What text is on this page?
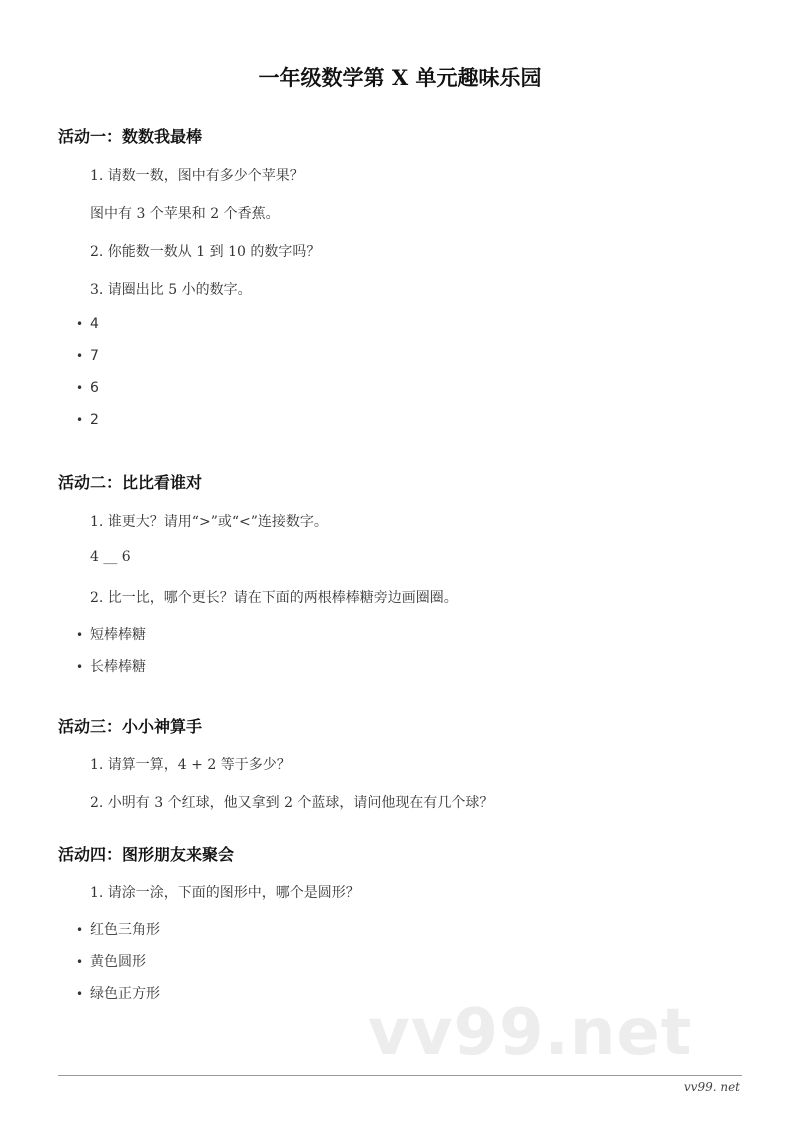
一年级数学第 X 单元趣味乐园
活动一：数数我最棒
1. 请数一数，图中有多少个苹果？
图中有 3 个苹果和 2 个香蕉。
2. 你能数一数从 1 到 10 的数字吗？
3. 请圈出比 5 小的数字。
• 4
• 7
• 6
• 2
活动二：比比看谁对
1. 谁更大？请用“>”或“<”连接数字。
4 __ 6
2. 比一比，哪个更长？请在下面的两根棒棒糖旁边画圈圈。
• 短棒棒糖
• 长棒棒糖
活动三：小小神算手
1. 请算一算，4 + 2 等于多少？
2. 小明有 3 个红球，他又拿到 2 个蓝球，请问他现在有几个球？
活动四：图形朋友来聚会
1. 请涂一涂，下面的图形中，哪个是圆形？
• 红色三角形
• 黄色圆形
• 绿色正方形
vv99.net
vv99. net
